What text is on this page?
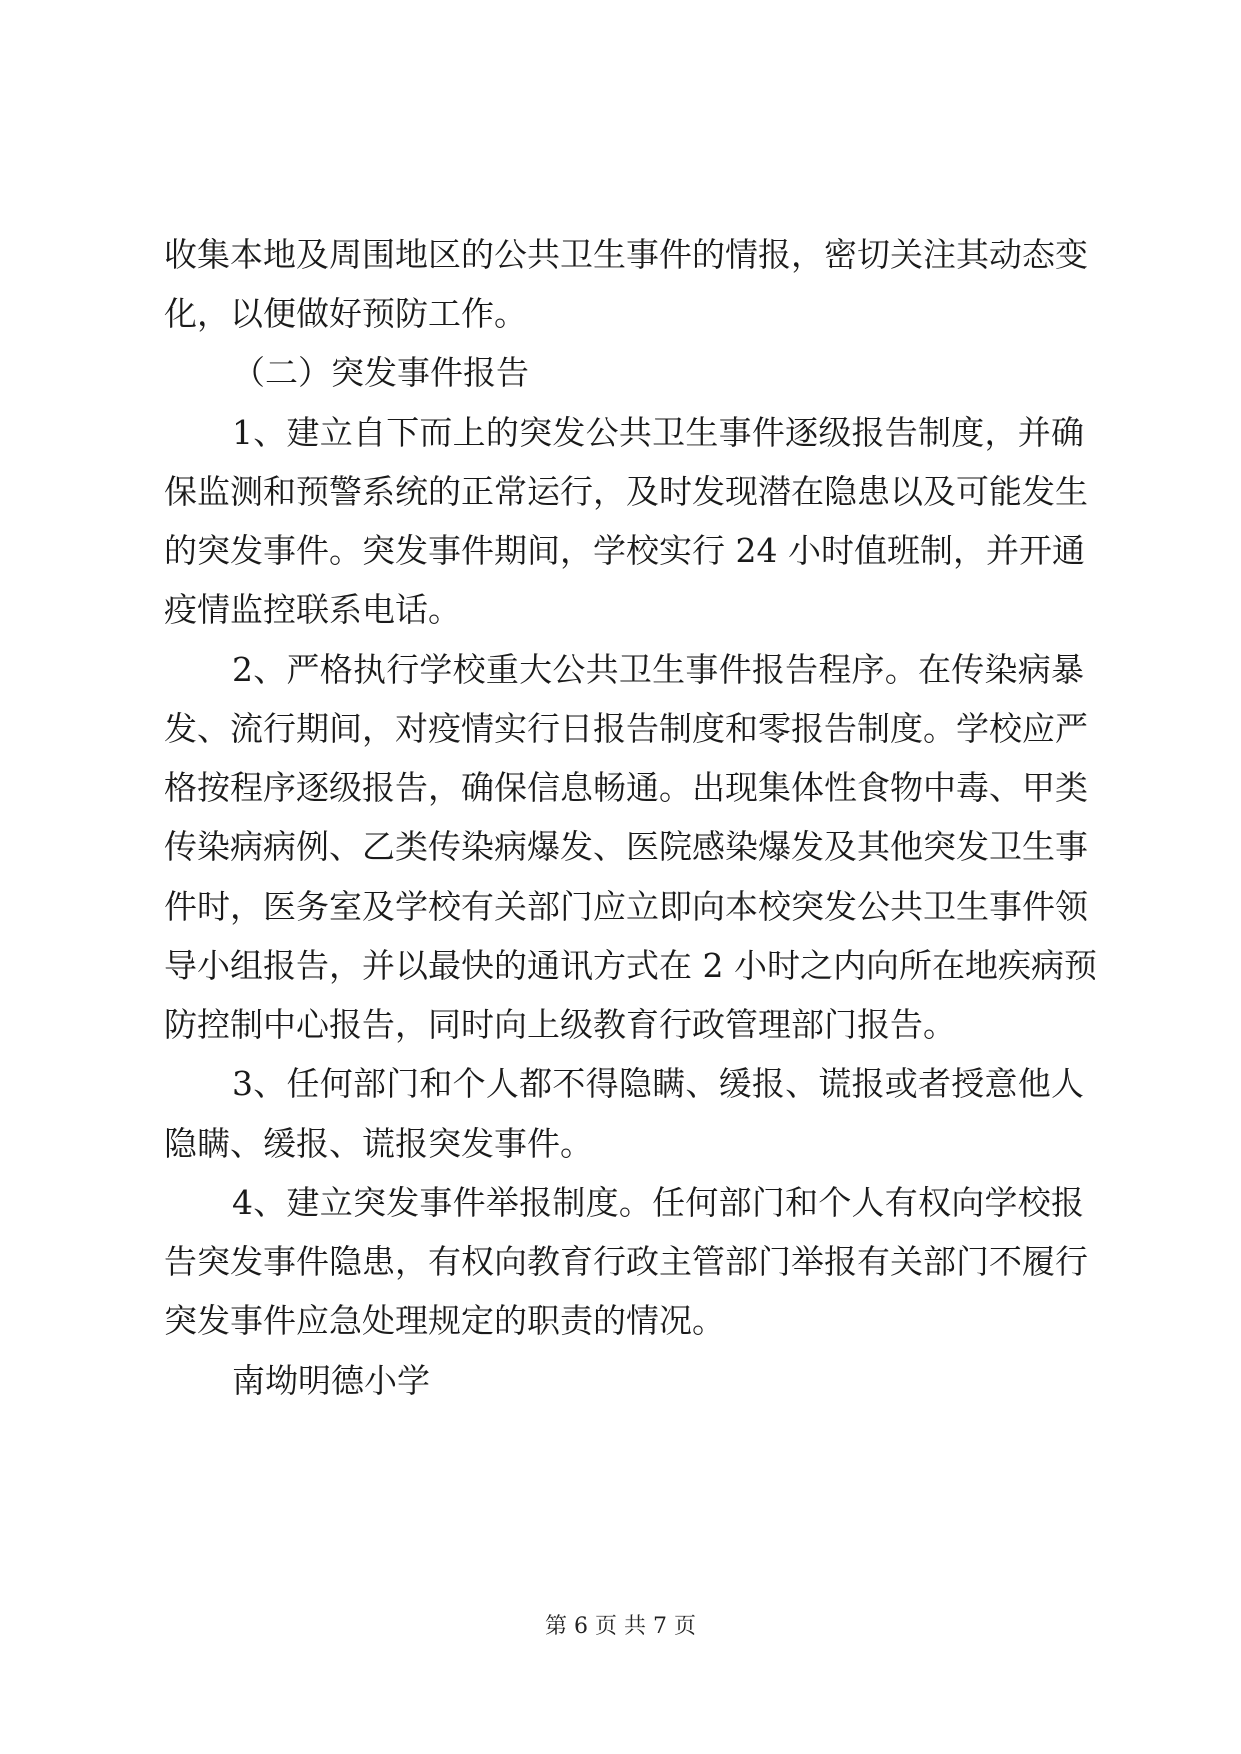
收集本地及周围地区的公共卫生事件的情报，密切关注其动态变
化，以便做好预防工作。
（二）突发事件报告
1、建立自下而上的突发公共卫生事件逐级报告制度，并确
保监测和预警系统的正常运行，及时发现潜在隐患以及可能发生
的突发事件。突发事件期间，学校实行 24 小时值班制，并开通
疫情监控联系电话。
2、严格执行学校重大公共卫生事件报告程序。在传染病暴
发、流行期间，对疫情实行日报告制度和零报告制度。学校应严
格按程序逐级报告，确保信息畅通。出现集体性食物中毒、甲类
传染病病例、乙类传染病爆发、医院感染爆发及其他突发卫生事
件时，医务室及学校有关部门应立即向本校突发公共卫生事件领
导小组报告，并以最快的通讯方式在 2 小时之内向所在地疾病预
防控制中心报告，同时向上级教育行政管理部门报告。
3、任何部门和个人都不得隐瞒、缓报、谎报或者授意他人
隐瞒、缓报、谎报突发事件。
4、建立突发事件举报制度。任何部门和个人有权向学校报
告突发事件隐患，有权向教育行政主管部门举报有关部门不履行
突发事件应急处理规定的职责的情况。
南坳明德小学
第 6 页 共 7 页
